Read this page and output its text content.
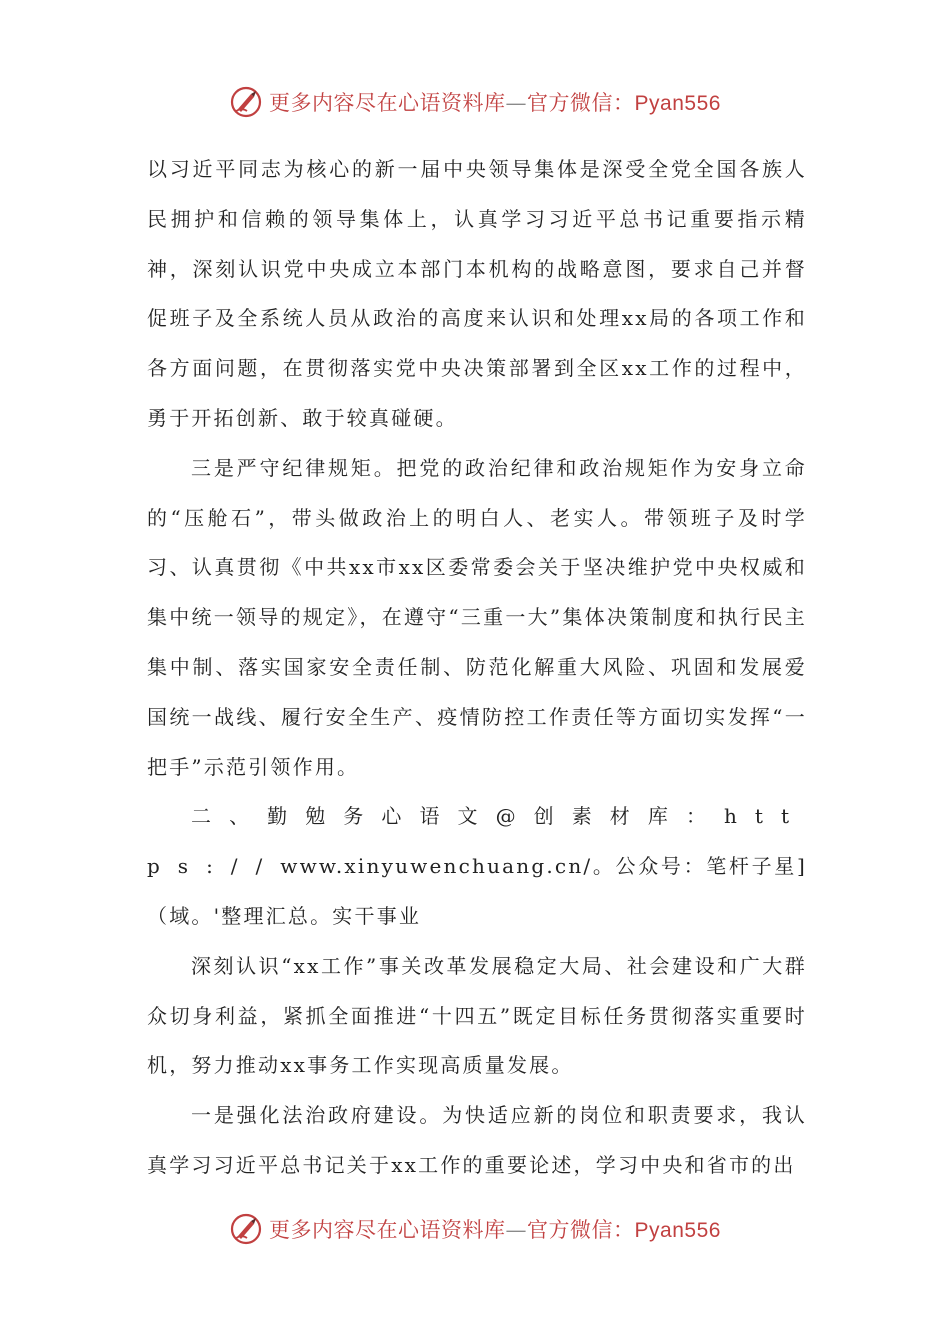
更多内容尽在心语资料库—官方微信：Pyan556

以习近平同志为核心的新一届中央领导集体是深受全党全国各族人民拥护和信赖的领导集体上，认真学习习近平总书记重要指示精神，深刻认识党中央成立本部门本机构的战略意图，要求自己并督促班子及全系统人员从政治的高度来认识和处理xx局的各项工作和各方面问题，在贯彻落实党中央决策部署到全区xx工作的过程中，勇于开拓创新、敢于较真碰硬。

三是严守纪律规矩。把党的政治纪律和政治规矩作为安身立命的“压舱石”，带头做政治上的明白人、老实人。带领班子及时学习、认真贯彻《中共xx市xx区委常委会关于坚决维护党中央权威和集中统一领导的规定》，在遵守“三重一大”集体决策制度和执行民主集中制、落实国家安全责任制、防范化解重大风险、巩固和发展爱国统一战线、履行安全生产、疫情防控工作责任等方面切实发挥“一把手”示范引领作用。

二、勤勉务心语文@创素材库：https://www.xinyuwenchuang.cn/。公众号：笔杆子星]（域。'整理汇总。实干事业

深刻认识“xx工作”事关改革发展稳定大局、社会建设和广大群众切身利益，紧抓全面推进“十四五”既定目标任务贯彻落实重要时机，努力推动xx事务工作实现高质量发展。

一是强化法治政府建设。为快适应新的岗位和职责要求，我认真学习习近平总书记关于xx工作的重要论述，学习中央和省市的出

更多内容尽在心语资料库—官方微信：Pyan556
